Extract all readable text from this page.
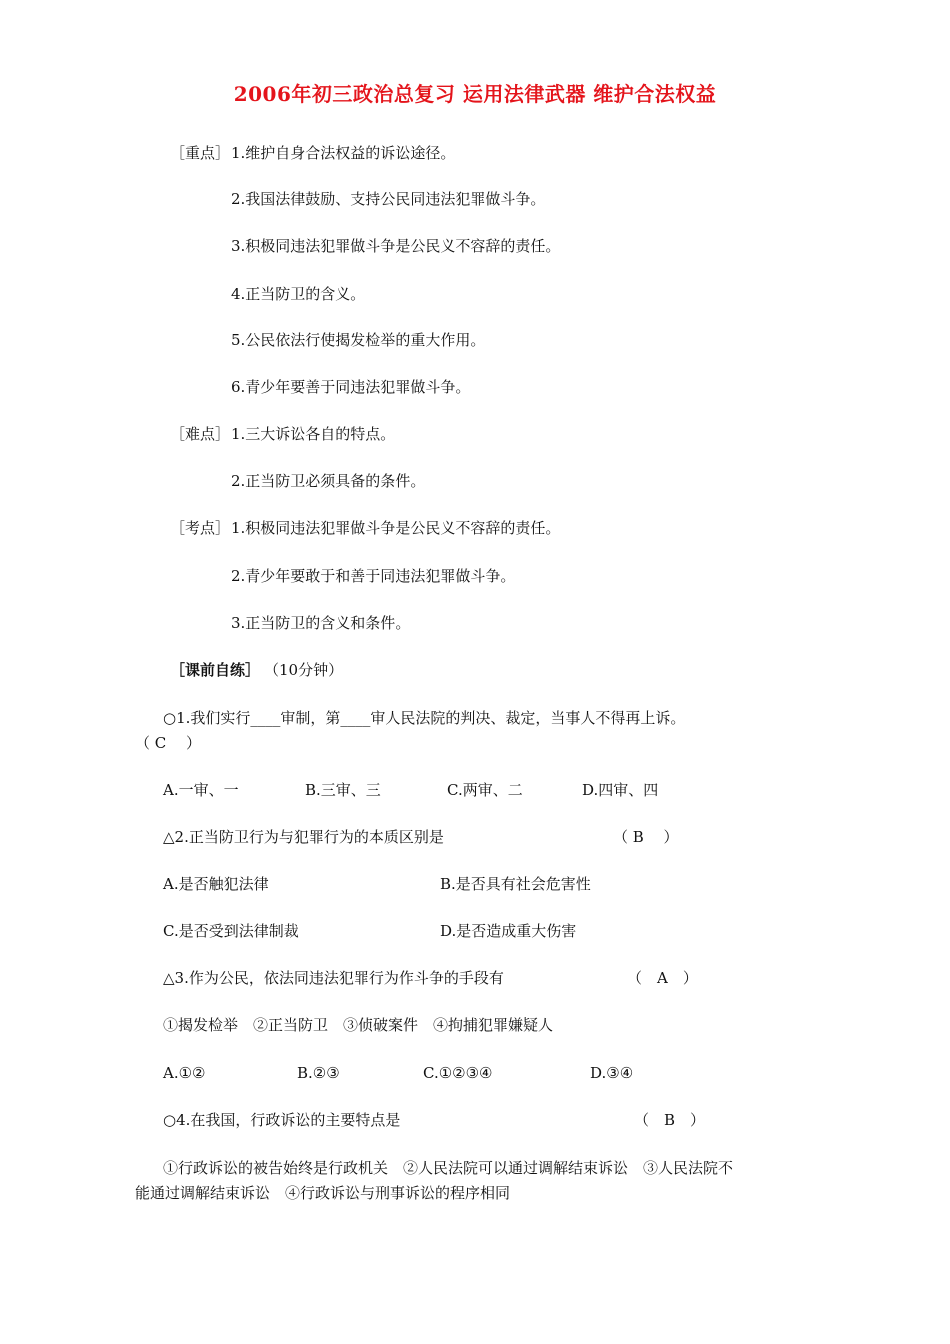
2006年初三政治总复习 运用法律武器 维护合法权益
［重点］ 1.维护自身合法权益的诉讼途径。
2.我国法律鼓励、支持公民同违法犯罪做斗争。
3.积极同违法犯罪做斗争是公民义不容辞的责任。
4.正当防卫的含义。
5.公民依法行使揭发检举的重大作用。
6.青少年要善于同违法犯罪做斗争。
［难点］ 1.三大诉讼各自的特点。
2.正当防卫必须具备的条件。
［考点］ 1.积极同违法犯罪做斗争是公民义不容辞的责任。
2.青少年要敢于和善于同违法犯罪做斗争。
3.正当防卫的含义和条件。
［课前自练］ （10分钟）
○1.我们实行____审制，第____审人民法院的判决、裁定，当事人不得再上诉。
（ C　 ）
A.一审、一	B.三审、三	C.两审、二	D.四审、四
△2.正当防卫行为与犯罪行为的本质区别是	（ B　 ）
A.是否触犯法律	B.是否具有社会危害性
C.是否受到法律制裁	D.是否造成重大伤害
△3.作为公民，依法同违法犯罪行为作斗争的手段有	（　A　）
①揭发检举　②正当防卫　③侦破案件　④拘捕犯罪嫌疑人
A.①②	B.②③	C.①②③④	D.③④
○4.在我国，行政诉讼的主要特点是	（　B　）
①行政诉讼的被告始终是行政机关　②人民法院可以通过调解结束诉讼　③人民法院不
能通过调解结束诉讼　④行政诉讼与刑事诉讼的程序相同
